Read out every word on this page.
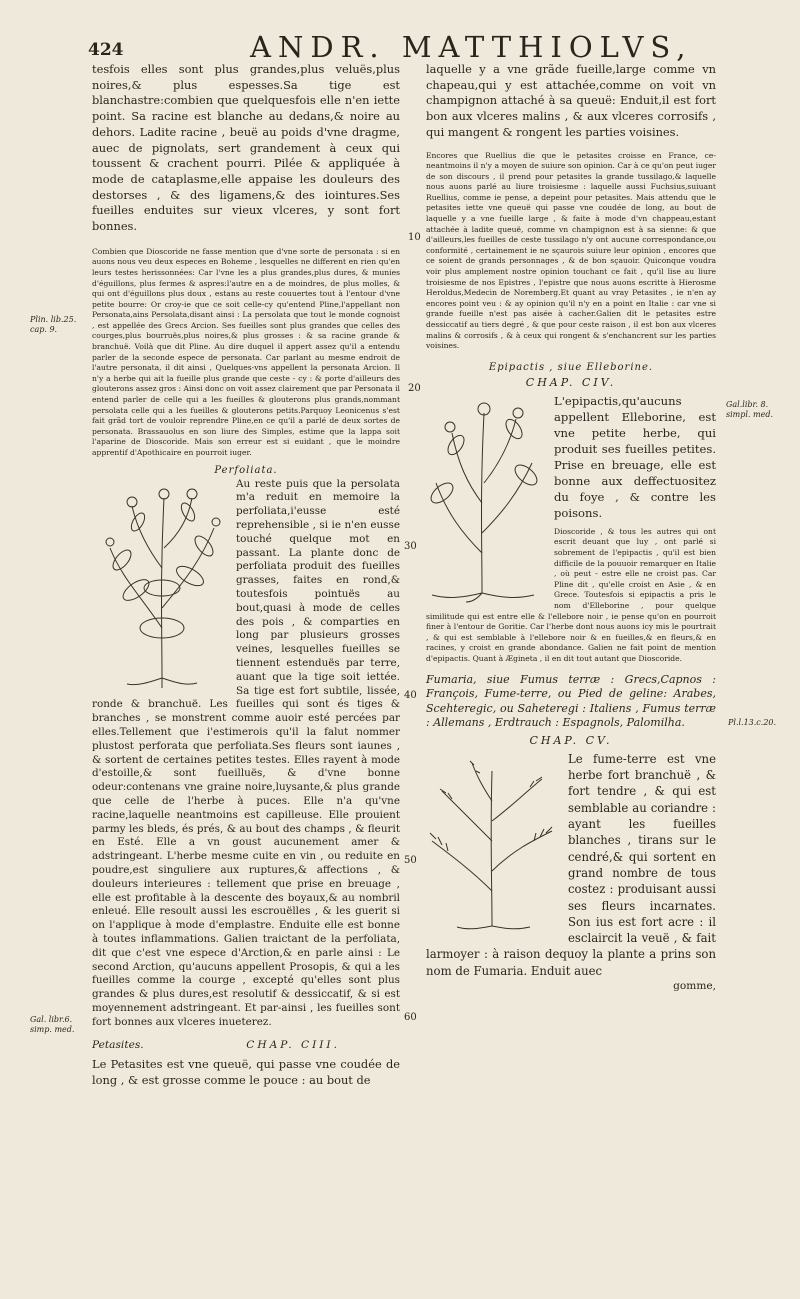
424	ANDR. MATTHIOLVS,

tesfois elles sont plus grandes,plus veluës,plus noires,& plus espesses.Sa tige est blanchastre:combien que quelquesfois elle n'en iette point. Sa racine est blanche au dedans,& noire au dehors. Ladite racine , beuë au poids d'vne dragme, auec de pignolats, sert grandement à ceux qui toussent & crachent pourri. Pilée & appliquée à mode de cataplasme,elle appaise les douleurs des destorses , & des ligamens,& des iointures.Ses fueilles enduites sur vieux vlceres, y sont fort bonnes.

Combien que Dioscoride ne fasse mention que d'vne sorte de personata : si en auons nous veu deux especes en Boheme , lesquelles ne different en rien qu'en leurs testes herissonnées: Car l'vne les a plus grandes,plus dures, & munies d'éguillons, plus fermes & aspres:l'autre en a de moindres, de plus molles, & qui ont d'éguillons plus doux , estans au reste couuertes tout à l'entour d'vne petite bourre: Or croy-ie que ce soit celle-cy qu'entend Pline,l'appellant non Personata,ains Persolata,disant ainsi : La persolata que tout le monde cognoist , est appellée des Grecs Arcion. Ses fueilles sont plus grandes que celles des courges,plus bourruës,plus noires,& plus grosses : & sa racine grande & branchuë. Voilà que dit Pline. Au dire duquel il appert assez qu'il a entendu parler de la seconde espece de personata. Car parlant au mesme endroit de l'autre personata, il dit ainsi , Quelques-vns appellent la personata Arcion. Il n'y a herbe qui ait la fueille plus grande que ceste - cy : & porte d'ailleurs des glouterons assez gros : Ainsi donc on voit assez clairement que par Personata il entend parler de celle qui a les fueilles & glouterons plus grands,nommant persolata celle qui a les fueilles & glouterons petits.Parquoy Leonicenus s'est fait grãd tort de vouloir reprendre Pline,en ce qu'il a parlé de deux sortes de personata. Brassauolus en son liure des Simples, estime que la lappa soit l'aparine de Dioscoride. Mais son erreur est si euidant , que le moindre apprentif d'Apothicaire en pourroit iuger.

Perfoliata.

Au reste puis que la persolata m'a reduit en memoire la perfoliata,i'eusse esté reprehensible , si ie n'en eusse touché quelque mot en passant. La plante donc de perfoliata produit des fueilles grasses, faites en rond,& toutesfois pointuës au bout,quasi à mode de celles des pois , & comparties en long par plusieurs grosses veines, lesquelles fueilles se tiennent estenduës par terre, auant que la tige soit iettée. Sa tige est fort subtile, lissée, ronde & branchuë. Les fueilles qui sont és tiges & branches , se monstrent comme auoir esté percées par elles.Tellement que i'estimerois qu'il la falut nommer plustost perforata que perfoliata.Ses fleurs sont iaunes , & sortent de certaines petites testes. Elles rayent à mode d'estoille,& sont fueilluës, & d'vne bonne odeur:contenans vne graine noire,luysante,& plus grande que celle de l'herbe à puces. Elle n'a qu'vne racine,laquelle neantmoins est capilleuse. Elle prouient parmy les bleds, és prés, & au bout des champs , & fleurit en Esté. Elle a vn goust aucunement amer & adstringeant. L'herbe mesme cuite en vin , ou reduite en poudre,est singuliere aux ruptures,& affections , & douleurs interieures : tellement que prise en breuage , elle est profitable à la descente des boyaux,& au nombril enleué. Elle resoult aussi les escrouëlles , & les guerit si on l'applique à mode d'emplastre. Enduite elle est bonne à toutes inflammations. Galien traictant de la perfoliata, dit que c'est vne espece d'Arction,& en parle ainsi : Le second Arction, qu'aucuns appellent Prosopis, & qui a les fueilles comme la courge , excepté qu'elles sont plus grandes & plus dures,est resolutif & dessiccatif, & si est moyennement adstringeant. Et par-ainsi , les fueilles sont fort bonnes aux vlceres inueterez.

Petasites.	CHAP. CIII.

Le Petasites est vne queuë, qui passe vne coudée de long , & est grosse comme le pouce : au bout de

laquelle y a vne grãde fueille,large comme vn chapeau,qui y est attachée,comme on voit vn champignon attaché à sa queuë: Enduit,il est fort bon aux vlceres malins , & aux vlceres corrosifs , qui mangent & rongent les parties voisines.

Encores que Ruellius die que le petasites croisse en France, ce-neantmoins il n'y a moyen de suiure son opinion. Car à ce qu'on peut iuger de son discours , il prend pour petasites la grande tussilago,& laquelle nous auons parlé au liure troisiesme : laquelle aussi Fuchsius,suiuant Ruellius, comme ie pense, a depeint pour petasites. Mais attendu que le petasites iette vne queuë qui passe vne coudée de long, au bout de laquelle y a vne fueille large , & faite à mode d'vn chappeau,estant attachée à ladite queuë, comme vn champignon est à sa sienne: & que d'ailleurs,les fueilles de ceste tussilago n'y ont aucune correspondance,ou conformité , certainement ie ne sçaurois suiure leur opinion , encores que ce soient de grands personnages , & de bon sçauoir. Quiconque voudra voir plus amplement nostre opinion touchant ce fait , qu'il lise au liure troisiesme de nos Epistres , l'epistre que nous auons escritte à Hierosme Heroldus,Medecin de Noremberg.Et quant au vray Petasites , ie n'en ay encores point veu : & ay opinion qu'il n'y en a point en Italie : car vne si grande fueille n'est pas aisée à cacher.Galien dit le petasites estre dessiccatif au tiers degré , & que pour ceste raison , il est bon aux vlceres malins & corrosifs , & à ceux qui rongent & s'enchancrent sur les parties voisines.

Epipactis , siue Elleborine.
CHAP. CIV.

L'epipactis,qu'aucuns appellent Elleborine, est vne petite herbe, qui produit ses fueilles petites. Prise en breuage, elle est bonne aux deffectuositez du foye , & contre les poisons.

Dioscoride , & tous les autres qui ont escrit deuant que luy , ont parlé si sobrement de l'epipactis , qu'il est bien difficile de la pouuoir remarquer en Italie , où peut - estre elle ne croist pas. Car Pline dit , qu'elle croist en Asie , & en Grece. Toutesfois si epipactis a pris le nom d'Elleborine , pour quelque similitude qui est entre elle & l'ellebore noir , ie pense qu'on en pourroit finer à l'entour de Goritie. Car l'herbe dont nous auons icy mis le pourtrait , & qui est semblable à l'ellebore noir & en fueilles,& en fleurs,& en racines, y croist en grande abondance. Galien ne fait point de mention d'epipactis. Quant à Ægineta , il en dit tout autant que Dioscoride.

Fumaria, siue Fumus terræ : Grecs,Capnos : François, Fume-terre, ou Pied de geline: Arabes, Scehteregic, ou Saheteregi : Italiens , Fumus terræ : Allemans , Erdtrauch : Espagnols, Palomilha.

CHAP. CV.

Le fume-terre est vne herbe fort branchuë , & fort tendre , & qui est semblable au coriandre : ayant les fueilles blanches , tirans sur le cendré,& qui sortent en grand nombre de tous costez : produisant aussi ses fleurs incarnates. Son ius est fort acre : il esclaircit la veuë , & fait larmoyer : à raison dequoy la plante a prins son nom de Fumaria. Enduit auec

gomme,
Plin. lib.25. cap. 9.
Gal. libr.6. simp. med.
Gal.libr. 8. simpl. med.
Pl.l.13.c.20.
10
20
30
40
50
60
